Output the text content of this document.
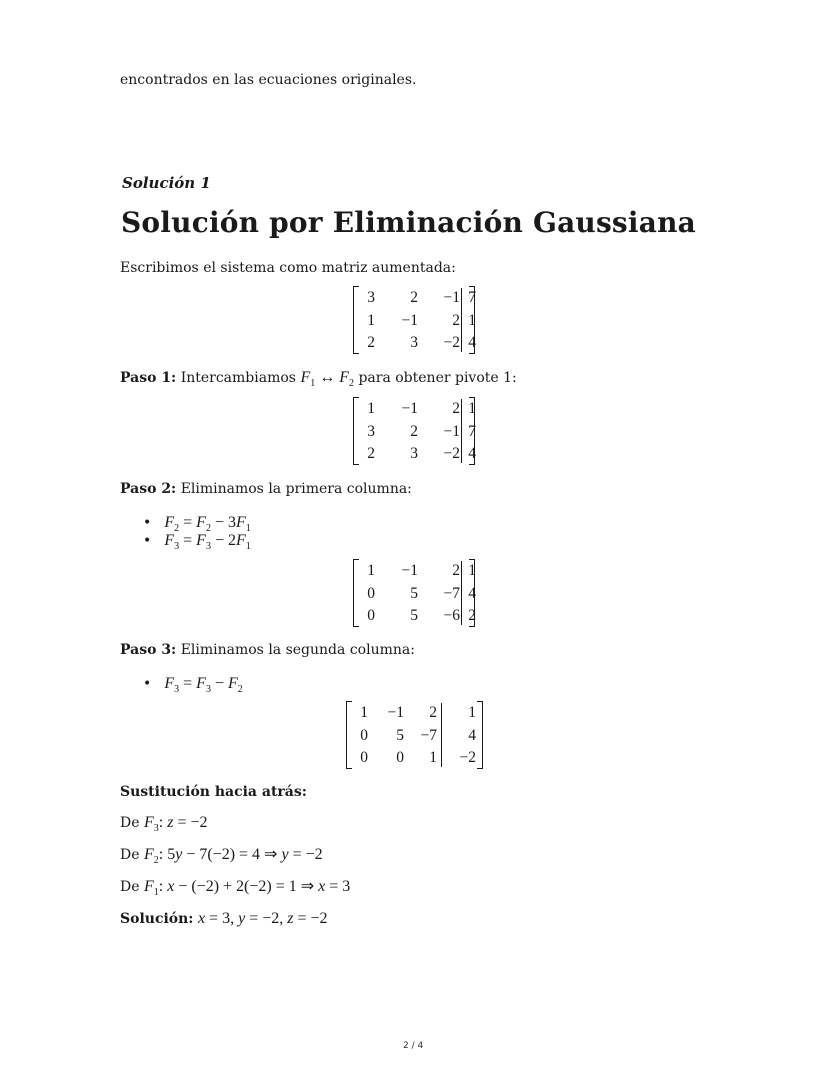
encontrados en las ecuaciones originales.
Solución 1
Solución por Eliminación Gaussiana
Escribimos el sistema como matriz aumentada:
3	2	−1 7
1	−1	2 1
2	3	−2 4
Paso 1: Intercambiamos $F_1$ ↔ $F_2$ para obtener pivote 1:
1	−1	2 1
3	2	−1 7
2	3	−2 4
Paso 2: Eliminamos la primera columna:
• $F_2 = F_2 - 3F_1$
• $F_3 = F_3 - 2F_1$
1	−1	2 1
0	5	−7 4
0	5	−6 2
Paso 3: Eliminamos la segunda columna:
• $F_3 = F_3 - F_2$
1	−1	2	1
0	5	−7	4
0	0	1	−2
Sustitución hacia atrás:
De $F_3$: z = −2
De $F_2$: 5y − 7(−2) = 4 ⇒ y = −2
De $F_1$: x − (−2) + 2(−2) = 1 ⇒ x = 3
Solución: x = 3, y = −2, z = −2
2 / 4
